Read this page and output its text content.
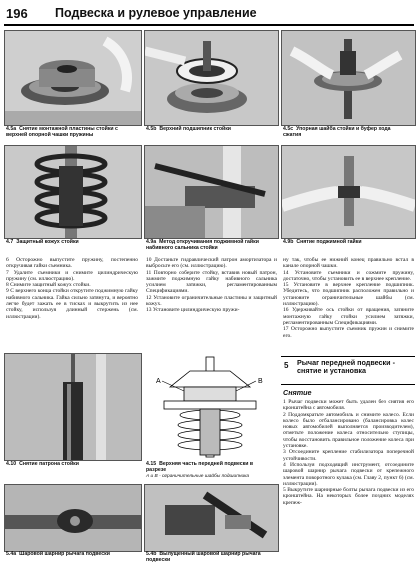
196 Подвеска и рулевое управление
4.5а Снятие монтажной пластины стойки с
верхней опорной чашки пружины
4.5b Верхний подшипник стойки	4.5с Упорная шайба стойки и буфер хода
сжатия
4.7 Защитный кожух стойки	4.9а Метод откручивания поджимной гайки
набивного сальника стойки
4.9b Снятие поджимной гайки

6 Осторожно выпустите пружину, постепенно откручивая гайки съемника.

7 Удалите съемники и снимите цилиндрическую пружину (см. иллюстрацию).

8 Снимите защитный кожух стойки.

9 С верхнего конца стойки открутите поджимную гайку набивного сальника. Гайка сильно затянута, и вероятно легче будет зажать ее в тисках и выкрутить из нее стойку, используя длинный стержень (см. иллюстрации).

10 Достаньте гидравлический патрон амортизатора и выбросьте его (см. иллюстрацию).

11 Повторно соберите стойку, вставив новый патрон, зажмите поджимную гайку набивного сальника усилием затяжки, регламентированным Спецификациями.

12 Установите ограничительные пластины и защитный кожух.

13 Установите цилиндрическую пружи-

ну так, чтобы ее нижний конец правильно встал в канале опорной чашки.

14 Установите съемники и сожмите пружину, достаточно, чтобы установить ее в верхнее крепление.

15 Установите в верхнее крепление подшипник. Убедитесь, что подшипник расположен правильно и установите ограничительные шайбы (см. иллюстрацию).

16 Удерживайте ось стойки от вращения, затяните монтажную гайку стойки усилием затяжки, регламентированным Спецификациями.

17 Осторожно выпустите съемник пружин и снимите его.

4.10 Снятие патрона стойки
A	B
4.15 Верхняя часть передней подвески в
разрезе
А и В - ограничительные шайбы подшипника
5 Рычаг передней подвески -
снятие и установка
Снятие

1 Рычаг подвески может быть удален без снятия его кронштейна с автомобиля.

2 Поддомкратьте автомобиль и снимите колесо. Если колесо было отбалансировано (балансировка колес новых автомобилей выполняется производителем), отметьте положение колеса относительно ступицы, чтобы восстановить правильное положение колеса при установке.

3 Отсоедините крепление стабилизатора поперечной устойчивости.

4 Используя подходящий инструмент, отсоедините шаровой шарнир рычага подвески от крепежного элемента поворотного кулака (см. Главу 2, пункт 6) (см. иллюстрации).

5 Выкрутите шарнирные болты рычага подвески из его кронштейна. На некоторых более поздних моделях крепеж-

5.4а Шаровой шарнир рычага подвески	5.4b Вылущенный шаровой шарнир рычага
подвески
